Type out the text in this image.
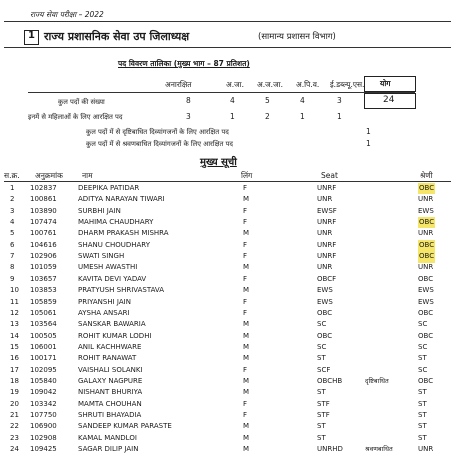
राज्य सेवा परीक्षा – 2022
1 राज्य प्रशासनिक सेवा उप जिलाध्यक्ष	(सामान्य प्रशासन विभाग)
पद विवरण तालिका (मुख्य भाग – 87 प्रतिशत)
अनारक्षित	अ.जा. अ.ज.जा. अ.पि.व. ई.डब्ल्यू.एस. योग
कुल पदों की संख्या	8	4	5	4	3	24
इनमें से महिलाओं के लिए आरक्षित पद	3	1	2	1	1
कुल पदों में से दृष्टिबाधित दिव्यांगजनों के लिए आरक्षित पद	1
कुल पदों में से श्रवणबाधित दिव्यांगजनों के लिए आरक्षित पद	1
मुख्य सूची
स.क्र. अनुक्रमांक	नाम	लिंग	Seat	श्रेणी
1 102837	DEEPIKA PATIDAR	F	UNRF	OBC
2 100861	ADITYA NARAYAN TIWARI	M	UNR	UNR
3 103890	SURBHI JAIN	F	EWSF	EWS
4 107474	MAHIMA CHAUDHARY	F	UNRF	OBC
5 100761	DHARM PRAKASH MISHRA	M	UNR	UNR
6 104616	SHANU CHOUDHARY	F	UNRF	OBC
7 102906	SWATI SINGH	F	UNRF	OBC
8 101059	UMESH AWASTHI	M	UNR	UNR
9 103657	KAVITA DEVI YADAV	F	OBCF	OBC
10 103853	PRATYUSH SHRIVASTAVA	M	EWS	EWS
11 105859	PRIYANSHI JAIN	F	EWS	EWS
12 105061	AYSHA ANSARI	F	OBC	OBC
13 103564	SANSKAR BAWARIA	M	SC	SC
14 100505	ROHIT KUMAR LODHI	M	OBC	OBC
15 106001	ANIL KACHHWARE	M	SC	SC
16 100171	ROHIT RANAWAT	M	ST	ST
17 102095	VAISHALI SOLANKI	F	SCF	SC
18 105840	GALAXY NAGPURE	M	OBCHB	दृष्टिबाधित	OBC
19 109042	NISHANT BHURIYA	M	ST	ST
20 103342	MAMTA CHOUHAN	F	STF	ST
21 107750	SHRUTI BHAYADIA	F	STF	ST
22 106900	SANDEEP KUMAR PARASTE	M	ST	ST
23 102908	KAMAL MANDLOI	M	ST	ST
24 109425	SAGAR DILIP JAIN	M	UNRHD	श्रवणबाधित	UNR
